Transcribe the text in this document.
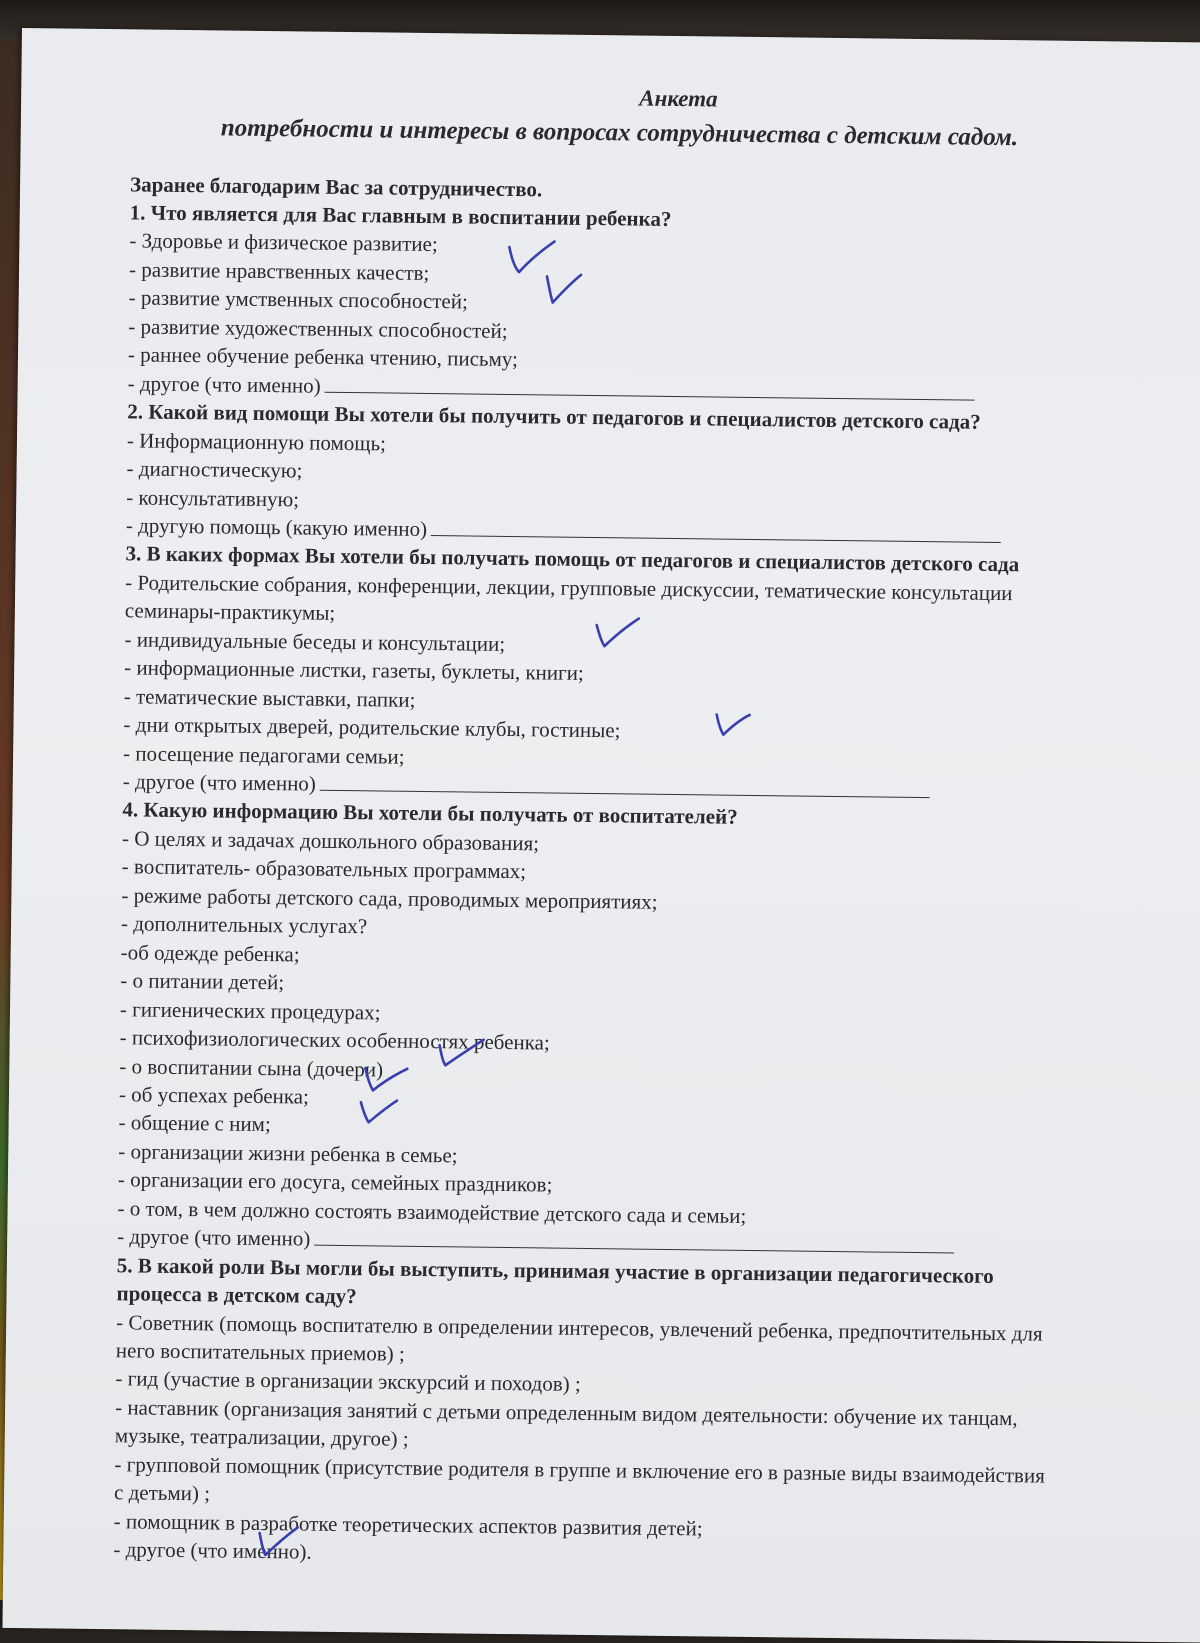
Анкета
потребности и интересы в вопросах сотрудничества с детским садом.
Заранее благодарим Вас за сотрудничество.
1. Что является для Вас главным в воспитании ребенка?
- Здоровье и физическое развитие;
- развитие нравственных качеств;
- развитие умственных способностей;
- развитие художественных способностей;
- раннее обучение ребенка чтению, письму;
- другое (что именно)
2. Какой вид помощи Вы хотели бы получить от педагогов и специалистов детского сада?
- Информационную помощь;
- диагностическую;
- консультативную;
- другую помощь (какую именно)
3. В каких формах Вы хотели бы получать помощь от педагогов и специалистов детского сада
- Родительские собрания, конференции, лекции, групповые дискуссии, тематические консультации
семинары-практикумы;
- индивидуальные беседы и консультации;
- информационные листки, газеты, буклеты, книги;
- тематические выставки, папки;
- дни открытых дверей, родительские клубы, гостиные;
- посещение педагогами семьи;
- другое (что именно)
4. Какую информацию Вы хотели бы получать от воспитателей?
- О целях и задачах дошкольного образования;
- воспитатель- образовательных программах;
- режиме работы детского сада, проводимых мероприятиях;
- дополнительных услугах?
-об одежде ребенка;
- о питании детей;
- гигиенических процедурах;
- психофизиологических особенностях ребенка;
- о воспитании сына (дочери)
- об успехах ребенка;
- общение с ним;
- организации жизни ребенка в семье;
- организации его досуга, семейных праздников;
- о том, в чем должно состоять взаимодействие детского сада и семьи;
- другое (что именно)
5. В какой роли Вы могли бы выступить, принимая участие в организации педагогического
процесса в детском саду?
- Советник (помощь воспитателю в определении интересов, увлечений ребенка, предпочтительных для
него воспитательных приемов) ;
- гид (участие в организации экскурсий и походов) ;
- наставник (организация занятий с детьми определенным видом деятельности: обучение их танцам,
музыке, театрализации, другое) ;
- групповой помощник (присутствие родителя в группе и включение его в разные виды взаимодействия
с детьми) ;
- помощник в разработке теоретических аспектов развития детей;
- другое (что именно).
